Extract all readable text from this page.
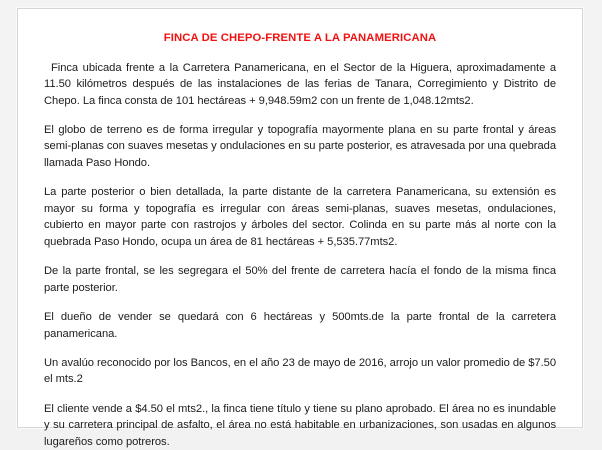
FINCA DE CHEPO-FRENTE A LA PANAMERICANA

Finca ubicada frente a la Carretera Panamericana, en el Sector de la Higuera, aproximadamente a 11.50 kilómetros después de las instalaciones de las ferias de Tanara, Corregimiento y Distrito de Chepo. La finca consta de 101 hectáreas + 9,948.59m2 con un frente de 1,048.12mts2.

El globo de terreno es de forma irregular y topografía mayormente plana en su parte frontal y áreas semi-planas con suaves mesetas y ondulaciones en su parte posterior, es atravesada por una quebrada llamada Paso Hondo.

La parte posterior o bien detallada, la parte distante de la carretera Panamericana, su extensión es mayor su forma y topografía es irregular con áreas semi-planas, suaves mesetas, ondulaciones, cubierto en mayor parte con rastrojos y árboles del sector. Colinda en su parte más al norte con la quebrada Paso Hondo, ocupa un área de 81 hectáreas + 5,535.77mts2.

De la parte frontal, se les segregara el 50% del frente de carretera hacía el fondo de la misma finca parte posterior.

El dueño de vender se quedará con 6 hectáreas y 500mts.de la parte frontal de la carretera panamericana.

Un avalúo reconocido por los Bancos, en el año 23 de mayo de 2016, arrojo un valor promedio de $7.50 el mts.2

El cliente vende a $4.50 el mts2., la finca tiene título y tiene su plano aprobado. El área no es inundable y su carretera principal de asfalto, el área no está habitable en urbanizaciones, son usadas en algunos lugareños como potreros.
